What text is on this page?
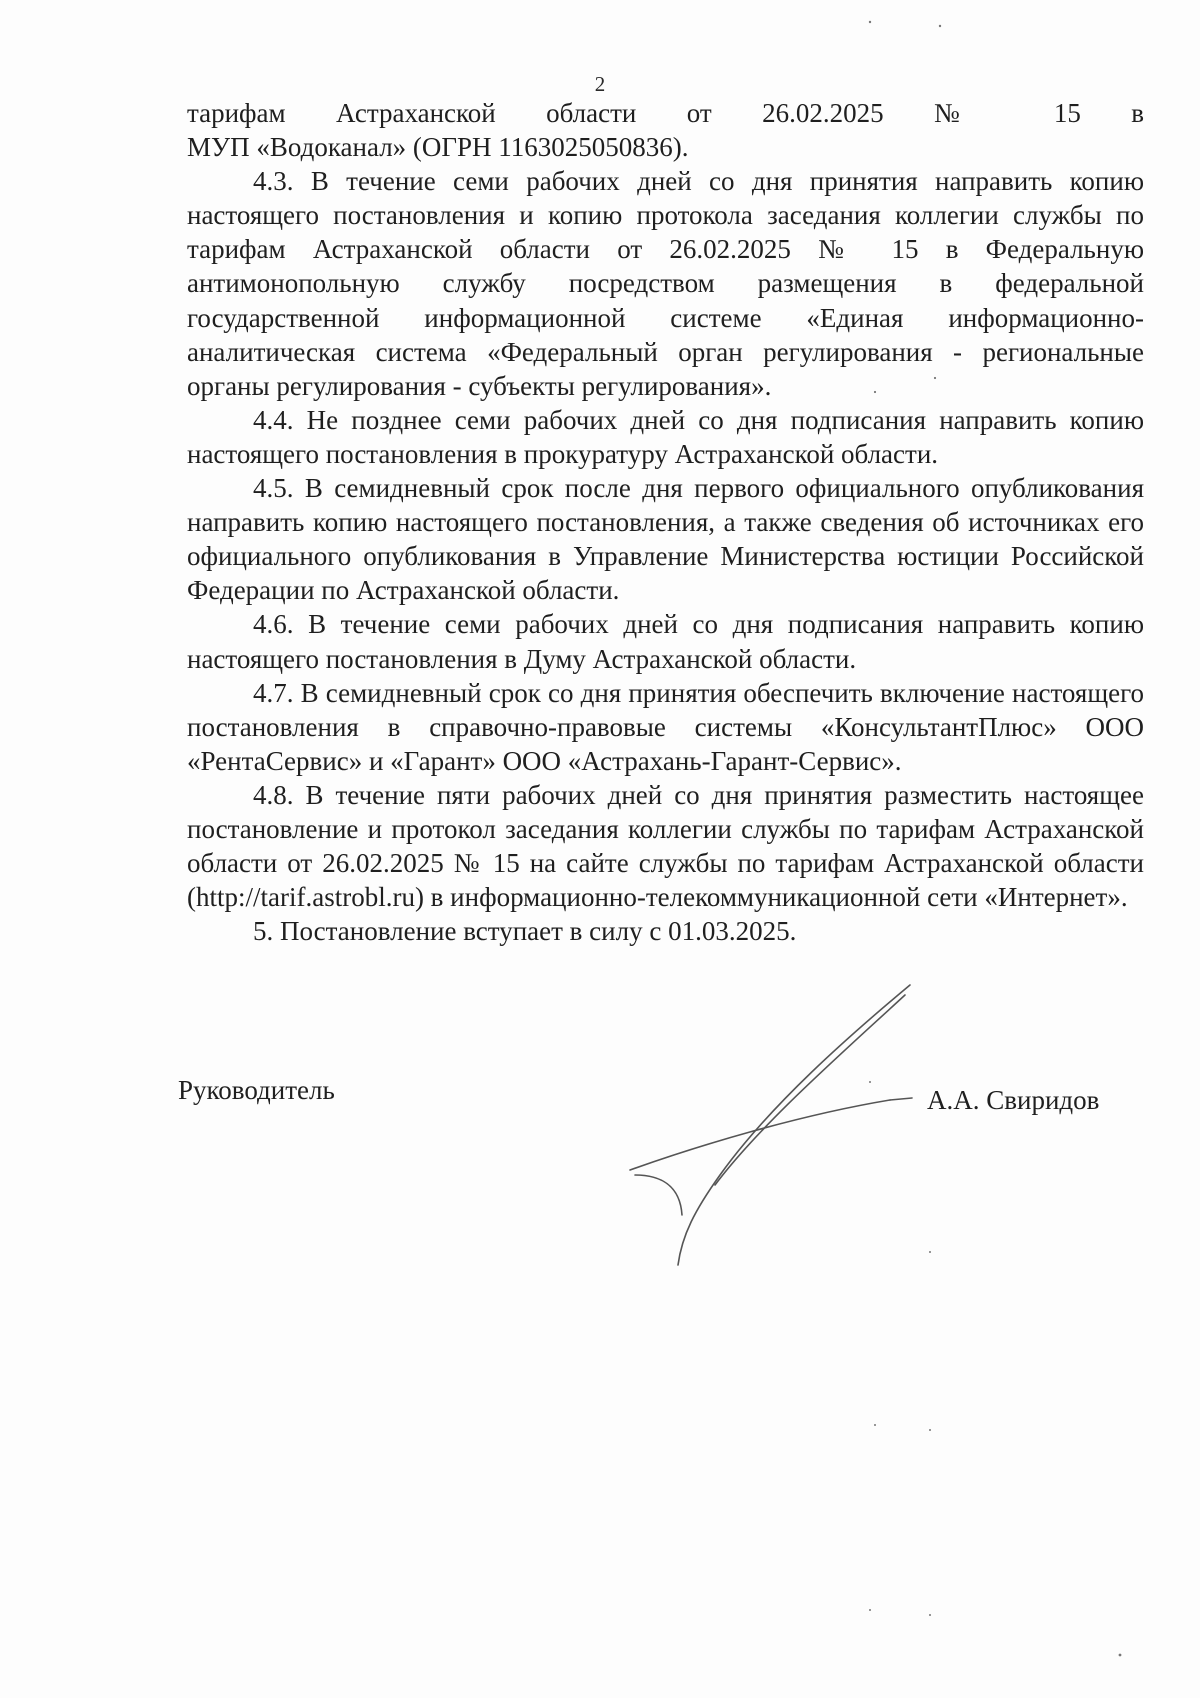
2

тарифам Астраханской области от 26.02.2025 № 15 в

МУП «Водоканал» (ОГРН 1163025050836).

4.3. В течение семи рабочих дней со дня принятия направить копию настоящего постановления и копию протокола заседания коллегии службы по тарифам Астраханской области от 26.02.2025 № 15 в Федеральную антимонопольную службу посредством размещения в федеральной государственной информационной системе «Единая информационно-аналитическая система «Федеральный орган регулирования - региональные органы регулирования - субъекты регулирования».

4.4. Не позднее семи рабочих дней со дня подписания направить копию настоящего постановления в прокуратуру Астраханской области.

4.5. В семидневный срок после дня первого официального опубликования направить копию настоящего постановления, а также сведения об источниках его официального опубликования в Управление Министерства юстиции Российской Федерации по Астраханской области.

4.6. В течение семи рабочих дней со дня подписания направить копию настоящего постановления в Думу Астраханской области.

4.7. В семидневный срок со дня принятия обеспечить включение настоящего постановления в справочно-правовые системы «КонсультантПлюс» ООО «РентаСервис» и «Гарант» ООО «Астрахань-Гарант-Сервис».

4.8. В течение пяти рабочих дней со дня принятия разместить настоящее постановление и протокол заседания коллегии службы по тарифам Астраханской области от 26.02.2025 № 15 на сайте службы по тарифам Астраханской области (http://tarif.astrobl.ru) в информационно-телекоммуникационной сети «Интернет».

5. Постановление вступает в силу с 01.03.2025.

Руководитель	А.А. Свиридов
